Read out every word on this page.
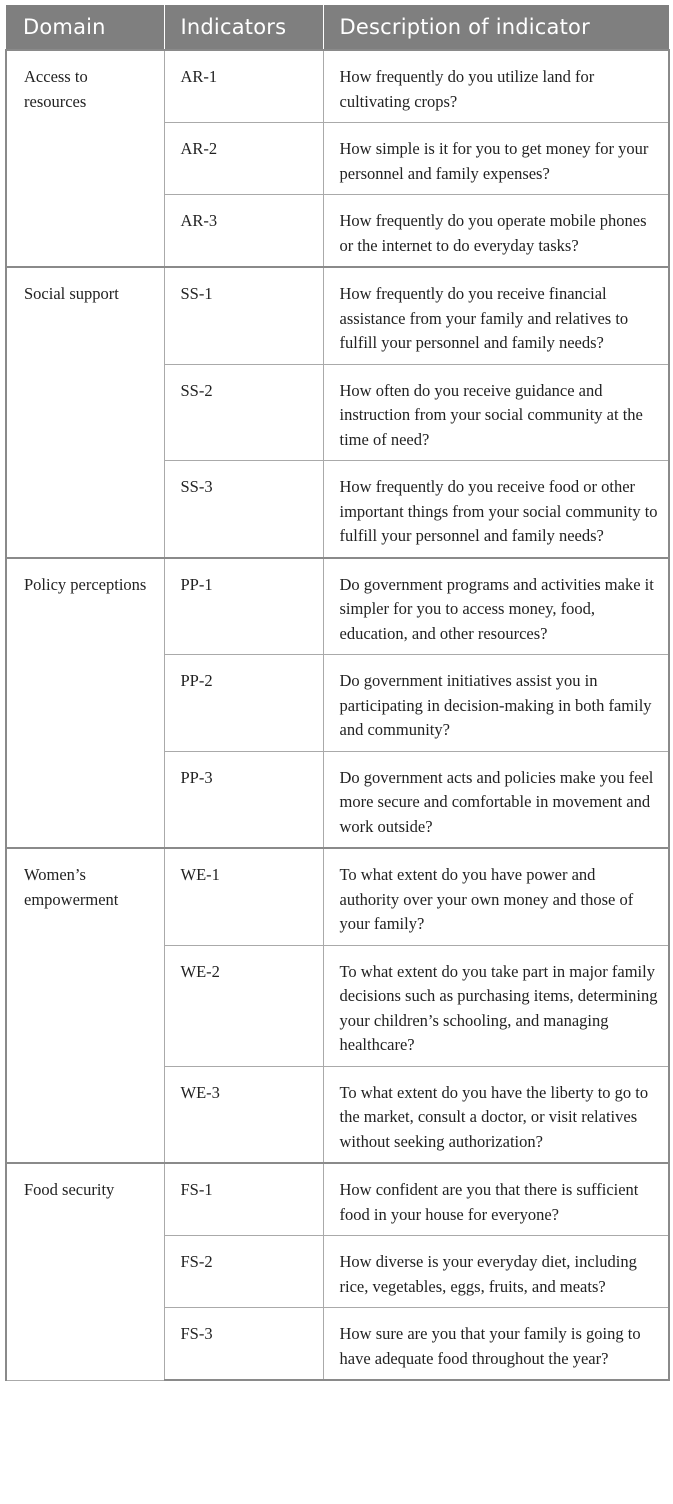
Domain	Indicators	Description of indicator
Access to resources	AR-1	How frequently do you utilize land for cultivating crops?
	AR-2	How simple is it for you to get money for your personnel and family expenses?
	AR-3	How frequently do you operate mobile phones or the internet to do everyday tasks?
Social support	SS-1	How frequently do you receive financial assistance from your family and relatives to fulfill your personnel and family needs?
	SS-2	How often do you receive guidance and instruction from your social community at the time of need?
	SS-3	How frequently do you receive food or other important things from your social community to fulfill your personnel and family needs?
Policy perceptions	PP-1	Do government programs and activities make it simpler for you to access money, food, education, and other resources?
	PP-2	Do government initiatives assist you in participating in decision-making in both family and community?
	PP-3	Do government acts and policies make you feel more secure and comfortable in movement and work outside?
Women’s empowerment	WE-1	To what extent do you have power and authority over your own money and those of your family?
	WE-2	To what extent do you take part in major family decisions such as purchasing items, determining your children’s schooling, and managing healthcare?
	WE-3	To what extent do you have the liberty to go to the market, consult a doctor, or visit relatives without seeking authorization?
Food security	FS-1	How confident are you that there is sufficient food in your house for everyone?
	FS-2	How diverse is your everyday diet, including rice, vegetables, eggs, fruits, and meats?
	FS-3	How sure are you that your family is going to have adequate food throughout the year?
